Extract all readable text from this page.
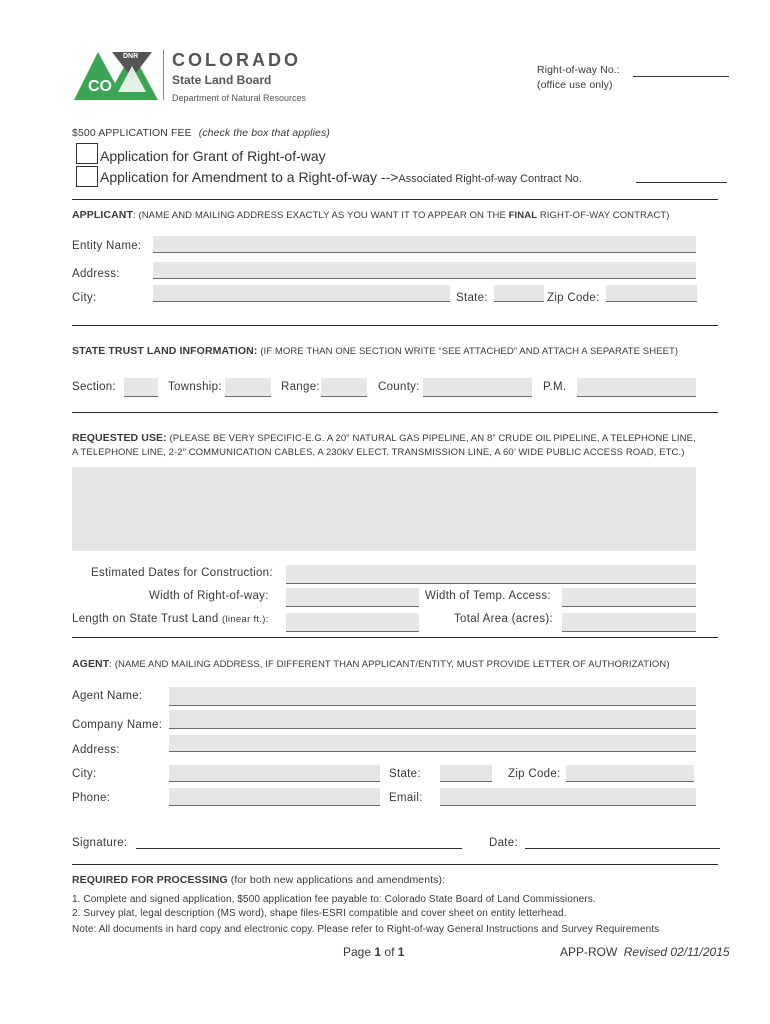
DNR
CO
COLORADO
State Land Board
Department of Natural Resources
Right-of-way No.:
(office use only)
$500 APPLICATION FEE (check the box that applies)
Application for Grant of Right-of-way
Application for Amendment to a Right-of-way -->Associated Right-of-way Contract No.
APPLICANT: (NAME AND MAILING ADDRESS EXACTLY AS YOU WANT IT TO APPEAR ON THE FINAL RIGHT-OF-WAY CONTRACT)
Entity Name:
Address:
City:	State:	Zip Code:
STATE TRUST LAND INFORMATION: (IF MORE THAN ONE SECTION WRITE “SEE ATTACHED” AND ATTACH A SEPARATE SHEET)
Section:	Township:	Range:	County:	P.M.
REQUESTED USE: (PLEASE BE VERY SPECIFIC-E.G. A 20" NATURAL GAS PIPELINE, AN 8” CRUDE OIL PIPELINE, A TELEPHONE LINE,
A TELEPHONE LINE, 2-2” COMMUNICATION CABLES, A 230kV ELECT. TRANSMISSION LINE, A 60’ WIDE PUBLIC ACCESS ROAD, ETC.)
Estimated Dates for Construction:
Width of Right-of-way:	Width of Temp. Access:
Length on State Trust Land (linear ft.):	Total Area (acres):
AGENT: (NAME AND MAILING ADDRESS, IF DIFFERENT THAN APPLICANT/ENTITY, MUST PROVIDE LETTER OF AUTHORIZATION)
Agent Name:
Company Name:
Address:
City:	State:	Zip Code:
Phone:	Email:
Signature:	Date:
REQUIRED FOR PROCESSING (for both new applications and amendments):
1. Complete and signed application, $500 application fee payable to: Colorado State Board of Land Commissioners.
2. Survey plat, legal description (MS word), shape files-ESRI compatible and cover sheet on entity letterhead.
Note: All documents in hard copy and electronic copy. Please refer to Right-of-way General Instructions and Survey Requirements
Page 1 of 1	APP-ROW Revised 02/11/2015
